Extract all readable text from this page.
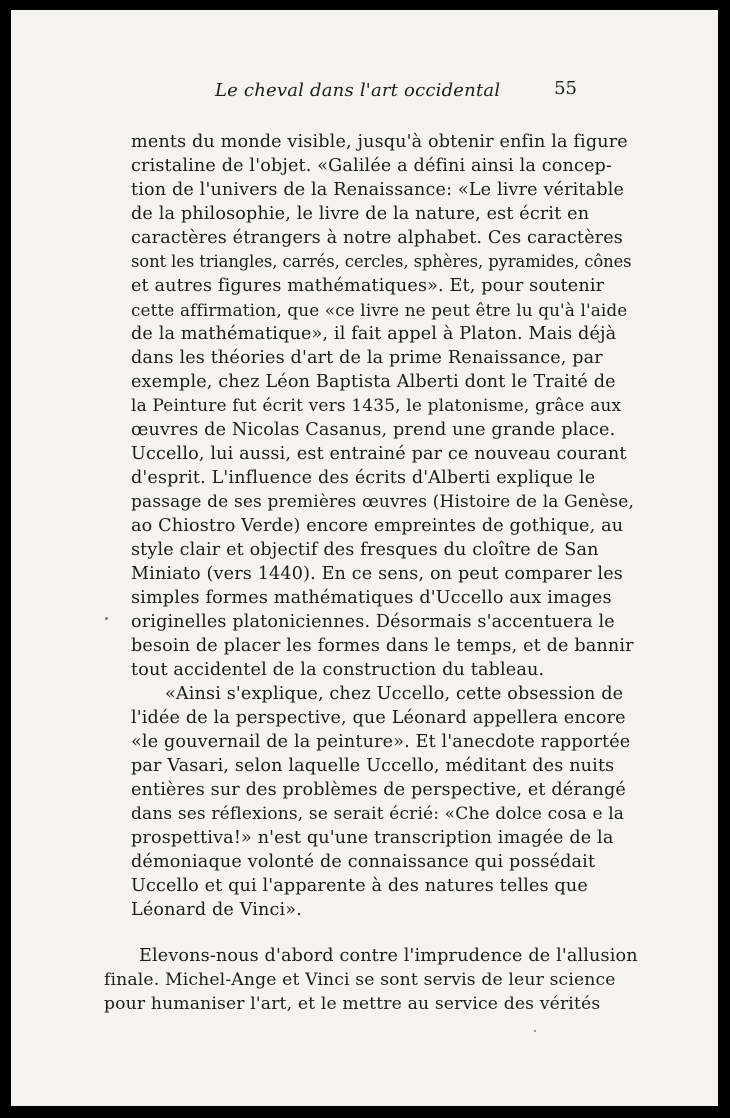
Le cheval dans l'art occidental	55
ments du monde visible, jusqu'à obtenir enfin la figure
cristaline de l'objet. «Galilée a défini ainsi la concep-
tion de l'univers de la Renaissance: «Le livre véritable
de la philosophie, le livre de la nature, est écrit en
caractères étrangers à notre alphabet. Ces caractères
sont les triangles, carrés, cercles, sphères, pyramides, cônes
et autres figures mathématiques». Et, pour soutenir
cette affirmation, que «ce livre ne peut être lu qu'à l'aide
de la mathématique», il fait appel à Platon. Mais déjà
dans les théories d'art de la prime Renaissance, par
exemple, chez Léon Baptista Alberti dont le Traité de
la Peinture fut écrit vers 1435, le platonisme, grâce aux
œuvres de Nicolas Casanus, prend une grande place.
Uccello, lui aussi, est entrainé par ce nouveau courant
d'esprit. L'influence des écrits d'Alberti explique le
passage de ses premières œuvres (Histoire de la Genèse,
ao Chiostro Verde) encore empreintes de gothique, au
style clair et objectif des fresques du cloître de San
Miniato (vers 1440). En ce sens, on peut comparer les
simples formes mathématiques d'Uccello aux images
originelles platoniciennes. Désormais s'accentuera le
besoin de placer les formes dans le temps, et de bannir
tout accidentel de la construction du tableau.
«Ainsi s'explique, chez Uccello, cette obsession de
l'idée de la perspective, que Léonard appellera encore
«le gouvernail de la peinture». Et l'anecdote rapportée
par Vasari, selon laquelle Uccello, méditant des nuits
entières sur des problèmes de perspective, et dérangé
dans ses réflexions, se serait écrié: «Che dolce cosa e la
prospettiva!» n'est qu'une transcription imagée de la
démoniaque volonté de connaissance qui possédait
Uccello et qui l'apparente à des natures telles que
Léonard de Vinci».
Elevons-nous d'abord contre l'imprudence de l'allusion
finale. Michel-Ange et Vinci se sont servis de leur science
pour humaniser l'art, et le mettre au service des vérités
